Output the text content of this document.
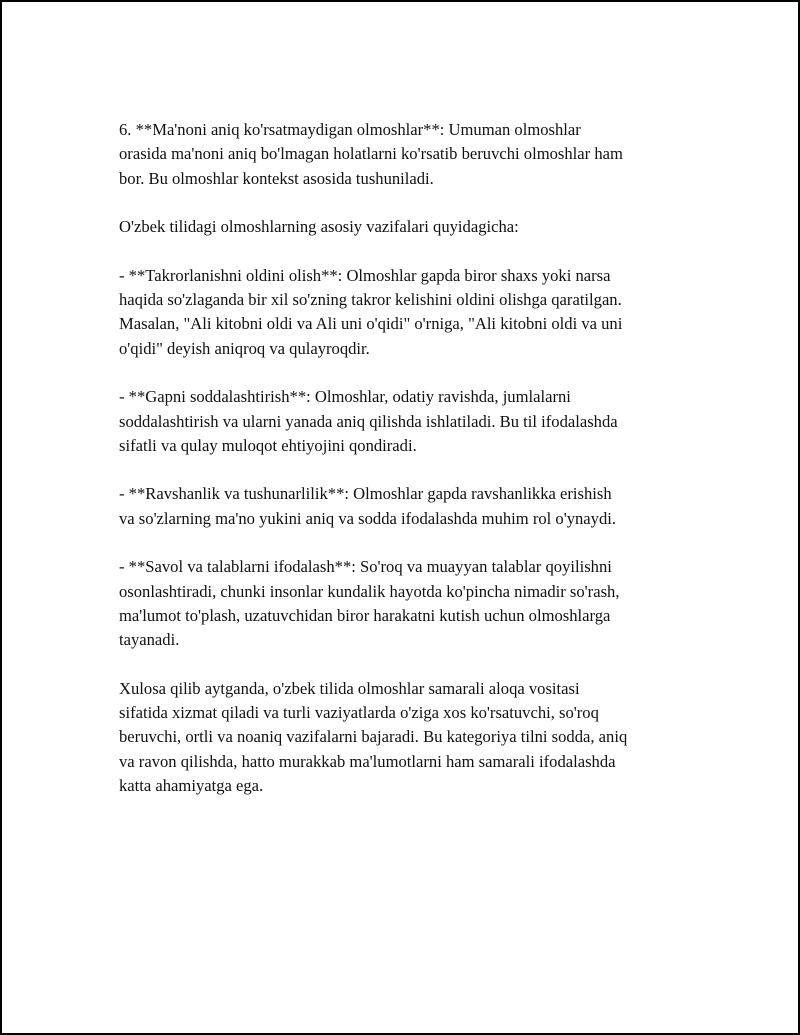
6. **Ma'noni aniq ko'rsatmaydigan olmoshlar**: Umuman olmoshlar
orasida ma'noni aniq bo'lmagan holatlarni ko'rsatib beruvchi olmoshlar ham
bor. Bu olmoshlar kontekst asosida tushuniladi.

O'zbek tilidagi olmoshlarning asosiy vazifalari quyidagicha:

- **Takrorlanishni oldini olish**: Olmoshlar gapda biror shaxs yoki narsa
haqida so'zlaganda bir xil so'zning takror kelishini oldini olishga qaratilgan.
Masalan, "Ali kitobni oldi va Ali uni o'qidi" o'rniga, "Ali kitobni oldi va uni
o'qidi" deyish aniqroq va qulayroqdir.

- **Gapni soddalashtirish**: Olmoshlar, odatiy ravishda, jumlalarni
soddalashtirish va ularni yanada aniq qilishda ishlatiladi. Bu til ifodalashda
sifatli va qulay muloqot ehtiyojini qondiradi.

- **Ravshanlik va tushunarlilik**: Olmoshlar gapda ravshanlikka erishish
va so'zlarning ma'no yukini aniq va sodda ifodalashda muhim rol o'ynaydi.

- **Savol va talablarni ifodalash**: So'roq va muayyan talablar qoyilishni
osonlashtiradi, chunki insonlar kundalik hayotda ko'pincha nimadir so'rash,
ma'lumot to'plash, uzatuvchidan biror harakatni kutish uchun olmoshlarga
tayanadi.

Xulosa qilib aytganda, o'zbek tilida olmoshlar samarali aloqa vositasi
sifatida xizmat qiladi va turli vaziyatlarda o'ziga xos ko'rsatuvchi, so'roq
beruvchi, ortli va noaniq vazifalarni bajaradi. Bu kategoriya tilni sodda, aniq
va ravon qilishda, hatto murakkab ma'lumotlarni ham samarali ifodalashda
katta ahamiyatga ega.
